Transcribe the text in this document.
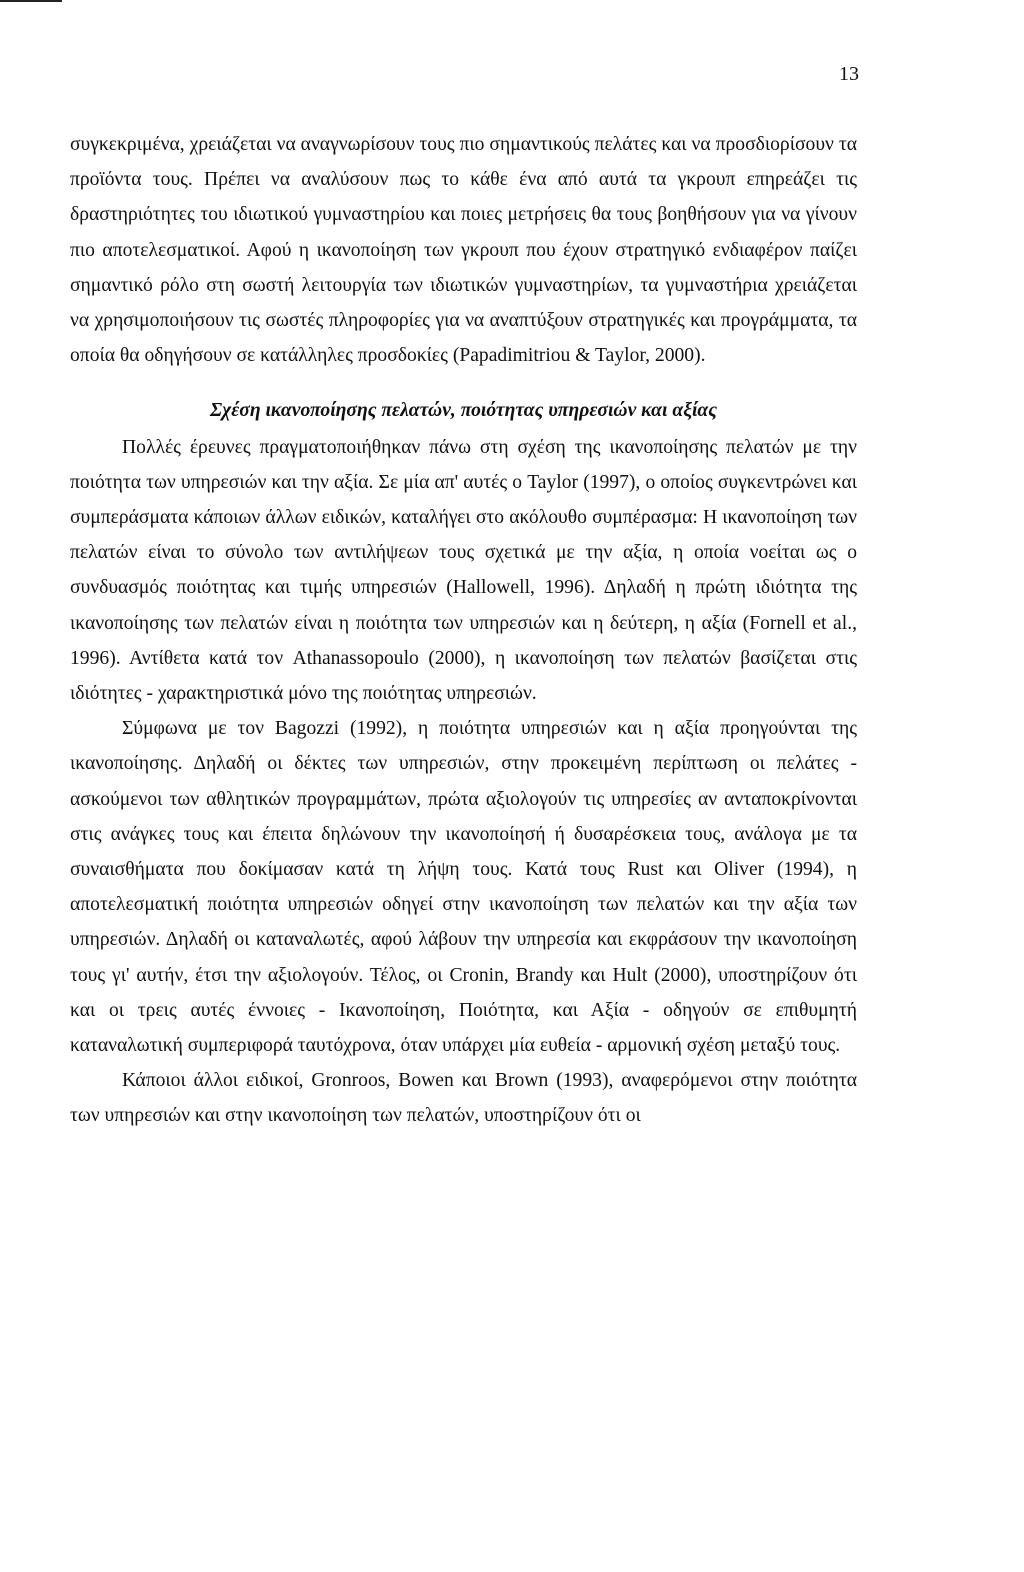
13

συγκεκριμένα, χρειάζεται να αναγνωρίσουν τους πιο σημαντικούς πελάτες και να προσδιορίσουν τα προϊόντα τους. Πρέπει να αναλύσουν πως το κάθε ένα από αυτά τα γκρουπ επηρεάζει τις δραστηριότητες του ιδιωτικού γυμναστηρίου και ποιες μετρήσεις θα τους βοηθήσουν για να γίνουν πιο αποτελεσματικοί. Αφού η ικανοποίηση των γκρουπ που έχουν στρατηγικό ενδιαφέρον παίζει σημαντικό ρόλο στη σωστή λειτουργία των ιδιωτικών γυμναστηρίων, τα γυμναστήρια χρειάζεται να χρησιμοποιήσουν τις σωστές πληροφορίες για να αναπτύξουν στρατηγικές και προγράμματα, τα οποία θα οδηγήσουν σε κατάλληλες προσδοκίες (Papadimitriou & Taylor, 2000).

Σχέση ικανοποίησης πελατών, ποιότητας υπηρεσιών και αξίας

Πολλές έρευνες πραγματοποιήθηκαν πάνω στη σχέση της ικανοποίησης πελατών με την ποιότητα των υπηρεσιών και την αξία. Σε μία απ' αυτές ο Taylor (1997), ο οποίος συγκεντρώνει και συμπεράσματα κάποιων άλλων ειδικών, καταλήγει στο ακόλουθο συμπέρασμα: Η ικανοποίηση των πελατών είναι το σύνολο των αντιλήψεων τους σχετικά με την αξία, η οποία νοείται ως ο συνδυασμός ποιότητας και τιμής υπηρεσιών (Hallowell, 1996). Δηλαδή η πρώτη ιδιότητα της ικανοποίησης των πελατών είναι η ποιότητα των υπηρεσιών και η δεύτερη, η αξία (Fornell et al., 1996). Αντίθετα κατά τον Athanassopoulo (2000), η ικανοποίηση των πελατών βασίζεται στις ιδιότητες - χαρακτηριστικά μόνο της ποιότητας υπηρεσιών.

Σύμφωνα με τον Bagozzi (1992), η ποιότητα υπηρεσιών και η αξία προηγούνται της ικανοποίησης. Δηλαδή οι δέκτες των υπηρεσιών, στην προκειμένη περίπτωση οι πελάτες - ασκούμενοι των αθλητικών προγραμμάτων, πρώτα αξιολογούν τις υπηρεσίες αν ανταποκρίνονται στις ανάγκες τους και έπειτα δηλώνουν την ικανοποίησή ή δυσαρέσκεια τους, ανάλογα με τα συναισθήματα που δοκίμασαν κατά τη λήψη τους. Κατά τους Rust και Oliver (1994), η αποτελεσματική ποιότητα υπηρεσιών οδηγεί στην ικανοποίηση των πελατών και την αξία των υπηρεσιών. Δηλαδή οι καταναλωτές, αφού λάβουν την υπηρεσία και εκφράσουν την ικανοποίηση τους γι' αυτήν, έτσι την αξιολογούν. Τέλος, οι Cronin, Brandy και Hult (2000), υποστηρίζουν ότι και οι τρεις αυτές έννοιες - Ικανοποίηση, Ποιότητα, και Αξία - οδηγούν σε επιθυμητή καταναλωτική συμπεριφορά ταυτόχρονα, όταν υπάρχει μία ευθεία - αρμονική σχέση μεταξύ τους.

Κάποιοι άλλοι ειδικοί, Gronroos, Bowen και Brown (1993), αναφερόμενοι στην ποιότητα των υπηρεσιών και στην ικανοποίηση των πελατών, υποστηρίζουν ότι οι
